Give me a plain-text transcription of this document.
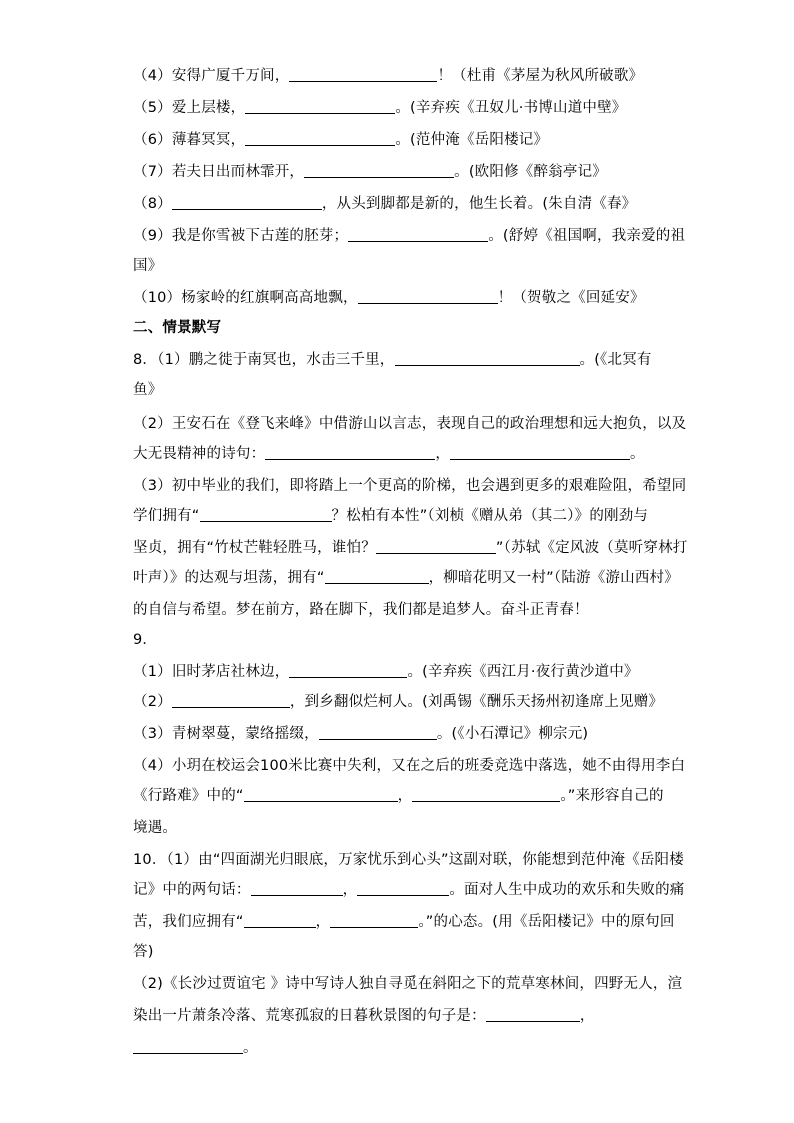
（4）安得广厦千万间，	！（杜甫《茅屋为秋风所破歌》
（5）爱上层楼，	。(辛弃疾《丑奴儿·书博山道中壁》
（6）薄暮冥冥，	。(范仲淹《岳阳楼记》
（7）若夫日出而林霏开，	。(欧阳修《醉翁亭记》
（8）	，从头到脚都是新的，他生长着。(朱自清《春》
（9）我是你雪被下古莲的胚芽；	。(舒婷《祖国啊，我亲爱的祖
国》
（10）杨家岭的红旗啊高高地飘，	！（贺敬之《回延安》
二、情景默写
8．（1）鹏之徙于南冥也，水击三千里，	。(《北冥有
鱼》
（2）王安石在《登飞来峰》中借游山以言志，表现自己的政治理想和远大抱负，以及
大无畏精神的诗句：	，	。
（3）初中毕业的我们，即将踏上一个更高的阶梯，也会遇到更多的艰难险阻，希望同
学们拥有“	？松柏有本性”（刘桢《赠从弟（其二）》的刚劲与
坚贞，拥有“竹杖芒鞋轻胜马，谁怕？	”（苏轼《定风波（莫听穿林打
叶声）》的达观与坦荡，拥有“	，柳暗花明又一村”（陆游《游山西村》
的自信与希望。梦在前方，路在脚下，我们都是追梦人。奋斗正青春！
9．
（1）旧时茅店社林边，	。(辛弃疾《西江月·夜行黄沙道中》
（2）	，到乡翻似烂柯人。(刘禹锡《酬乐天扬州初逢席上见赠》
（3）青树翠蔓，蒙络摇缀，	。(《小石潭记》柳宗元)
（4）小玥在校运会100米比赛中失利，又在之后的班委竞选中落选，她不由得用李白
《行路难》中的“	，	。”来形容自己的
境遇。
10．（1）由“四面湖光归眼底，万家忧乐到心头”这副对联，你能想到范仲淹《岳阳楼
记》中的两句话：	，	。面对人生中成功的欢乐和失败的痛
苦，我们应拥有“	，	。”的心态。(用《岳阳楼记》中的原句回
答)
染出一片萧条冷落、荒寒孤寂的日暮秋景图的句子是：	，
（2)《长沙过贾谊宅 》诗中写诗人独自寻觅在斜阳之下的荒草寒林间，四野无人，渲
。
